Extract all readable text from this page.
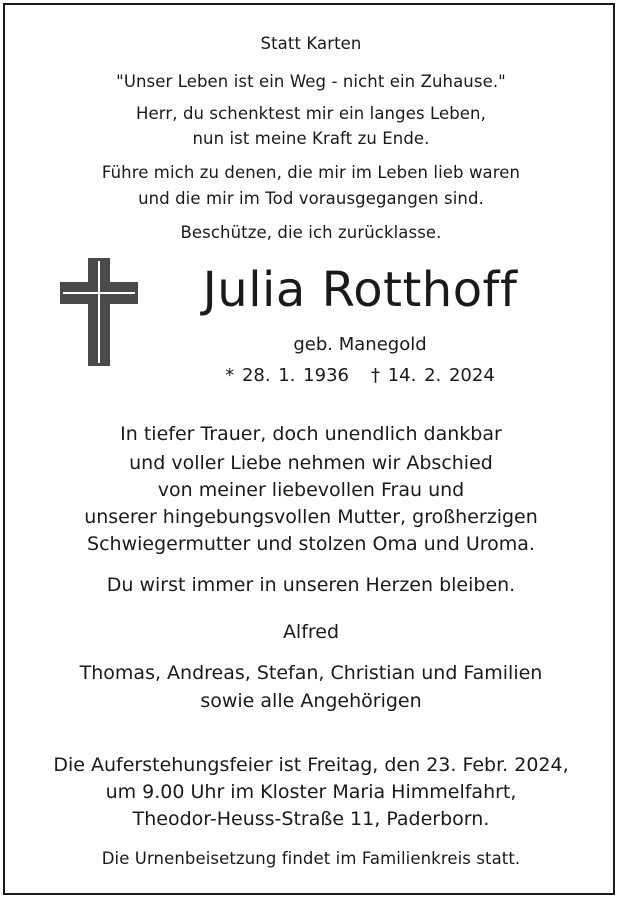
Statt Karten
"Unser Leben ist ein Weg - nicht ein Zuhause."
Herr, du schenktest mir ein langes Leben,
nun ist meine Kraft zu Ende.
Führe mich zu denen, die mir im Leben lieb waren
und die mir im Tod vorausgegangen sind.
Beschütze, die ich zurücklasse.
Julia Rotthoff
geb. Manegold
* 28. 1. 1936 † 14. 2. 2024
In tiefer Trauer, doch unendlich dankbar
und voller Liebe nehmen wir Abschied
von meiner liebevollen Frau und
unserer hingebungsvollen Mutter, großherzigen
Schwiegermutter und stolzen Oma und Uroma.
Du wirst immer in unseren Herzen bleiben.
Alfred
Thomas, Andreas, Stefan, Christian und Familien
sowie alle Angehörigen
Die Auferstehungsfeier ist Freitag, den 23. Febr. 2024,
um 9.00 Uhr im Kloster Maria Himmelfahrt,
Theodor-Heuss-Straße 11, Paderborn.
Die Urnenbeisetzung findet im Familienkreis statt.
